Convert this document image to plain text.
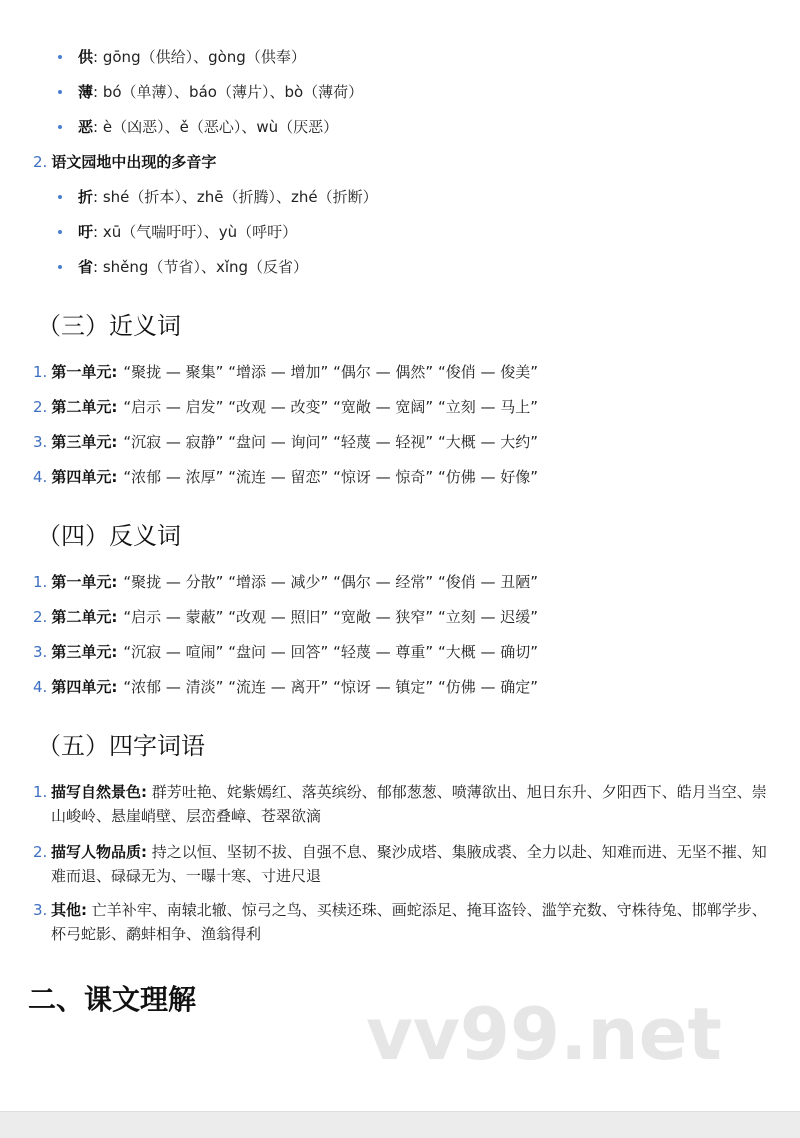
供: gōng（供给）、gòng（供奉）
薄: bó（单薄）、báo（薄片）、bò（薄荷）
恶: è（凶恶）、ě（恶心）、wù（厌恶）
2. 语文园地中出现的多音字
折: shé（折本）、zhē（折腾）、zhé（折断）
吁: xū（气喘吁吁）、yù（呼吁）
省: shěng（节省）、xǐng（反省）
（三）近义词
1. 第一单元: “聚拢 — 聚集” “增添 — 增加” “偶尔 — 偶然” “俊俏 — 俊美”
2. 第二单元: “启示 — 启发” “改观 — 改变” “宽敞 — 宽阔” “立刻 — 马上”
3. 第三单元: “沉寂 — 寂静” “盘问 — 询问” “轻蔑 — 轻视” “大概 — 大约”
4. 第四单元: “浓郁 — 浓厚” “流连 — 留恋” “惊讶 — 惊奇” “仿佛 — 好像”
（四）反义词
1. 第一单元: “聚拢 — 分散” “增添 — 减少” “偶尔 — 经常” “俊俏 — 丑陋”
2. 第二单元: “启示 — 蒙蔽” “改观 — 照旧” “宽敞 — 狭窄” “立刻 — 迟缓”
3. 第三单元: “沉寂 — 喧闹” “盘问 — 回答” “轻蔑 — 尊重” “大概 — 确切”
4. 第四单元: “浓郁 — 清淡” “流连 — 离开” “惊讶 — 镇定” “仿佛 — 确定”
（五）四字词语
1. 描写自然景色: 群芳吐艳、姹紫嫣红、落英缤纷、郁郁葱葱、喷薄欲出、旭日东升、夕阳西下、皓月当空、崇山峻岭、悬崖峭壁、层峦叠嶂、苍翠欲滴
2. 描写人物品质: 持之以恒、坚韧不拔、自强不息、聚沙成塔、集腋成裘、全力以赴、知难而进、无坚不摧、知难而退、碌碌无为、一曝十寒、寸进尺退
3. 其他: 亡羊补牢、南辕北辙、惊弓之鸟、买椟还珠、画蛇添足、掩耳盗铃、滥竽充数、守株待兔、邯郸学步、杯弓蛇影、鹬蚌相争、渔翁得利
二、课文理解 vv99.net
